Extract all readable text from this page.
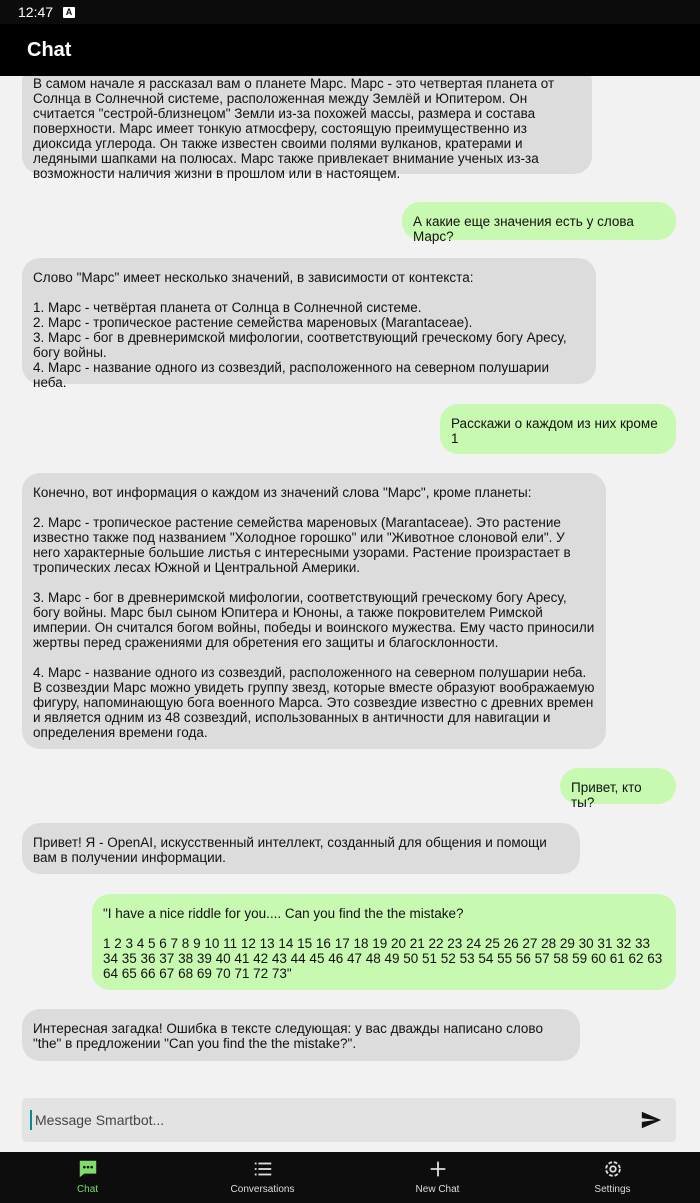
12:47	A
Chat
В самом начале я рассказал вам о планете Марс. Марс - это четвертая планета от Солнца в Солнечной системе, расположенная между Землёй и Юпитером. Он считается "сестрой-близнецом" Земли из-за похожей массы, размера и состава поверхности. Марс имеет тонкую атмосферу, состоящую преимущественно из диоксида углерода. Он также известен своими полями вулканов, кратерами и ледяными шапками на полюсах. Марс также привлекает внимание ученых из-за возможности наличия жизни в прошлом или в настоящем.
А какие еще значения есть у слова Марс?
Слово "Марс" имеет несколько значений, в зависимости от контекста:

1. Марс - четвёртая планета от Солнца в Солнечной системе.
2. Марс - тропическое растение семейства мареновых (Marantaceae).
3. Марс - бог в древнеримской мифологии, соответствующий греческому богу Аресу, богу войны.
4. Марс - название одного из созвездий, расположенного на северном полушарии неба.
Расскажи о каждом из них кроме 1
Конечно, вот информация о каждом из значений слова "Марс", кроме планеты:

2. Марс - тропическое растение семейства мареновых (Marantaceae). Это растение известно также под названием "Холодное горошко" или "Животное слоновой ели". У него характерные большие листья с интересными узорами. Растение произрастает в тропических лесах Южной и Центральной Америки.

3. Марс - бог в древнеримской мифологии, соответствующий греческому богу Аресу, богу войны. Марс был сыном Юпитера и Юноны, а также покровителем Римской империи. Он считался богом войны, победы и воинского мужества. Ему часто приносили жертвы перед сражениями для обретения его защиты и благосклонности.

4. Марс - название одного из созвездий, расположенного на северном полушарии неба. В созвездии Марс можно увидеть группу звезд, которые вместе образуют воображаемую фигуру, напоминающую бога военного Марса. Это созвездие известно с древних времен и является одним из 48 созвездий, использованных в античности для навигации и определения времени года.
Привет, кто ты?
Привет! Я - OpenAI, искусственный интеллект, созданный для общения и помощи вам в получении информации.
"I have a nice riddle for you.... Can you find the the mistake?

1 2 3 4 5 6 7 8 9 10 11 12 13 14 15 16 17 18 19 20 21 22 23 24 25 26 27 28 29 30 31 32 33 34 35 36 37 38 39 40 41 42 43 44 45 46 47 48 49 50 51 52 53 54 55 56 57 58 59 60 61 62 63 64 65 66 67 68 69 70 71 72 73"
Интересная загадка! Ошибка в тексте следующая: у вас дважды написано слово "the" в предложении "Can you find the the mistake?".
Message Smartbot...
Chat	Conversations	New Chat	Settings
